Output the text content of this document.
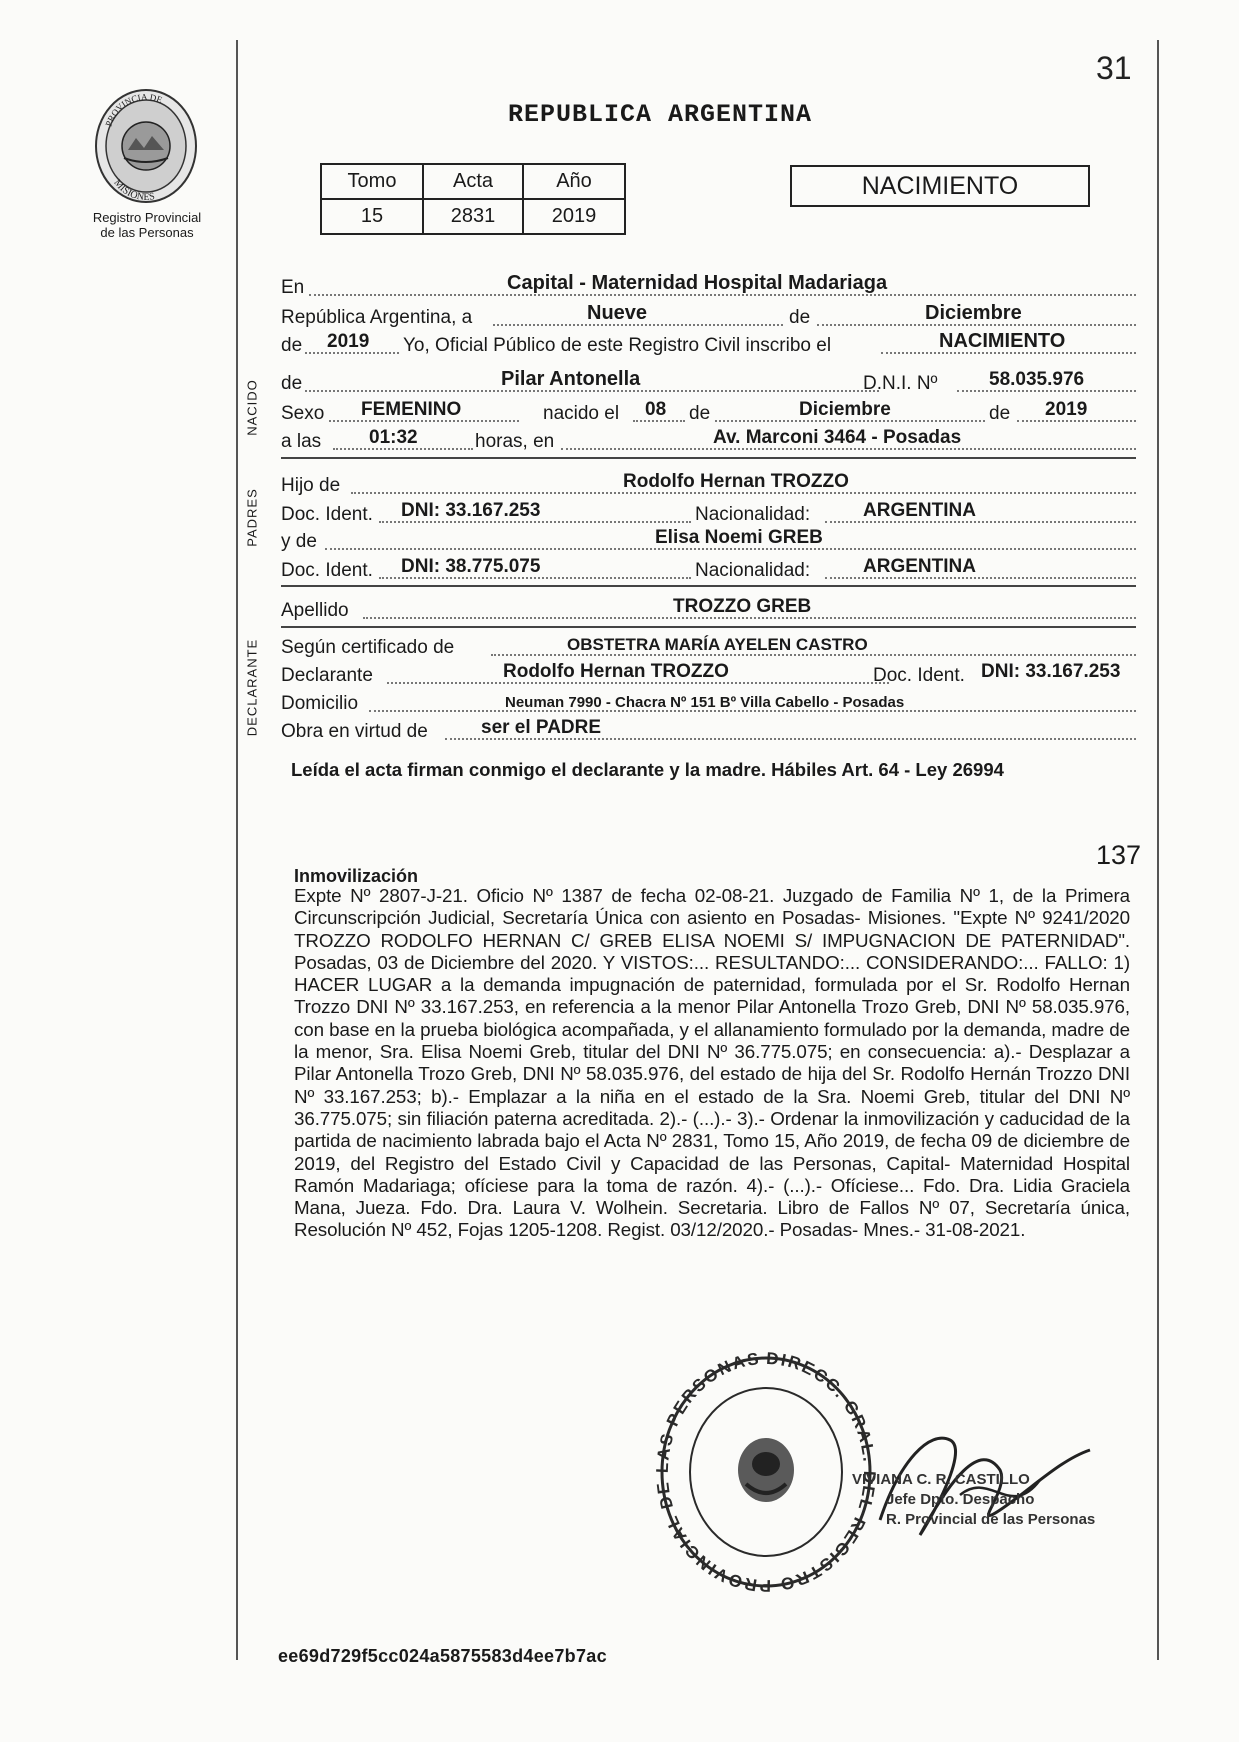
31
PROVINCIA DE
MISIONES
Registro Provincial
de las Personas
REPUBLICA ARGENTINA
Tomo	Acta	Año
15	2831	2019
NACIMIENTO
En	Capital - Maternidad Hospital Madariaga
República Argentina, a	Nueve	de	Diciembre
de 2019 Yo, Oficial Público de este Registro Civil inscribo el	NACIMIENTO
NACIDO de	Pilar Antonella	D.N.I. Nº	58.035.976
Sexo FEMENINO	nacido el 08 de	Diciembre	de 2019
a las	01:32	horas, en	Av. Marconi 3464 - Posadas
PADRES
Hijo de	Rodolfo Hernan TROZZO
Doc. Ident. DNI: 33.167.253	Nacionalidad:	ARGENTINA
y de	Elisa Noemi GREB
Doc. Ident. DNI: 38.775.075	Nacionalidad:	ARGENTINA
Apellido	TROZZO GREB
DECLARANTE Según certificado de	OBSTETRA MARÍA AYELEN CASTRO
Declarante	Rodolfo Hernan TROZZO	Doc. Ident. DNI: 33.167.253
Domicilio	Neuman 7990 - Chacra Nº 151 Bº Villa Cabello - Posadas
Obra en virtud de	ser el PADRE
Leída el acta firman conmigo el declarante y la madre. Hábiles Art. 64 - Ley 26994
137
Inmovilización
Expte Nº 2807-J-21. Oficio Nº 1387 de fecha 02-08-21. Juzgado de Familia Nº 1, de la Primera Circunscripción Judicial, Secretaría Única con asiento en Posadas- Misiones. "Expte Nº 9241/2020 TROZZO RODOLFO HERNAN C/ GREB ELISA NOEMI S/ IMPUGNACION DE PATERNIDAD". Posadas, 03 de Diciembre del 2020. Y VISTOS:... RESULTANDO:... CONSIDERANDO:... FALLO: 1) HACER LUGAR a la demanda impugnación de paternidad, formulada por el Sr. Rodolfo Hernan Trozzo DNI Nº 33.167.253, en referencia a la menor Pilar Antonella Trozo Greb, DNI Nº 58.035.976, con base en la prueba biológica acompañada, y el allanamiento formulado por la demanda, madre de la menor, Sra. Elisa Noemi Greb, titular del DNI Nº 36.775.075; en consecuencia: a).- Desplazar a Pilar Antonella Trozo Greb, DNI Nº 58.035.976, del estado de hija del Sr. Rodolfo Hernán Trozzo DNI Nº 33.167.253; b).- Emplazar a la niña en el estado de la Sra. Noemi Greb, titular del DNI Nº 36.775.075; sin filiación paterna acreditada. 2).- (...).- 3).- Ordenar la inmovilización y caducidad de la partida de nacimiento labrada bajo el Acta Nº 2831, Tomo 15, Año 2019, de fecha 09 de diciembre de 2019, del Registro del Estado Civil y Capacidad de las Personas, Capital- Maternidad Hospital Ramón Madariaga; ofíciese para la toma de razón. 4).- (...).- Ofíciese... Fdo. Dra. Lidia Graciela Mana, Jueza. Fdo. Dra. Laura V. Wolhein. Secretaria. Libro de Fallos Nº 07, Secretaría única, Resolución Nº 452, Fojas 1205-1208. Regist. 03/12/2020.- Posadas- Mnes.- 31-08-2021.
DIRECC. GRAL L REGISTRO PROVINCIAL D S PERSONAS
VIVIANA C. R. CASTILLO
Jefe Dpto. Despacho
R. Provincial de las Personas
ee69d729f5cc024a5875583d4ee7b7ac
